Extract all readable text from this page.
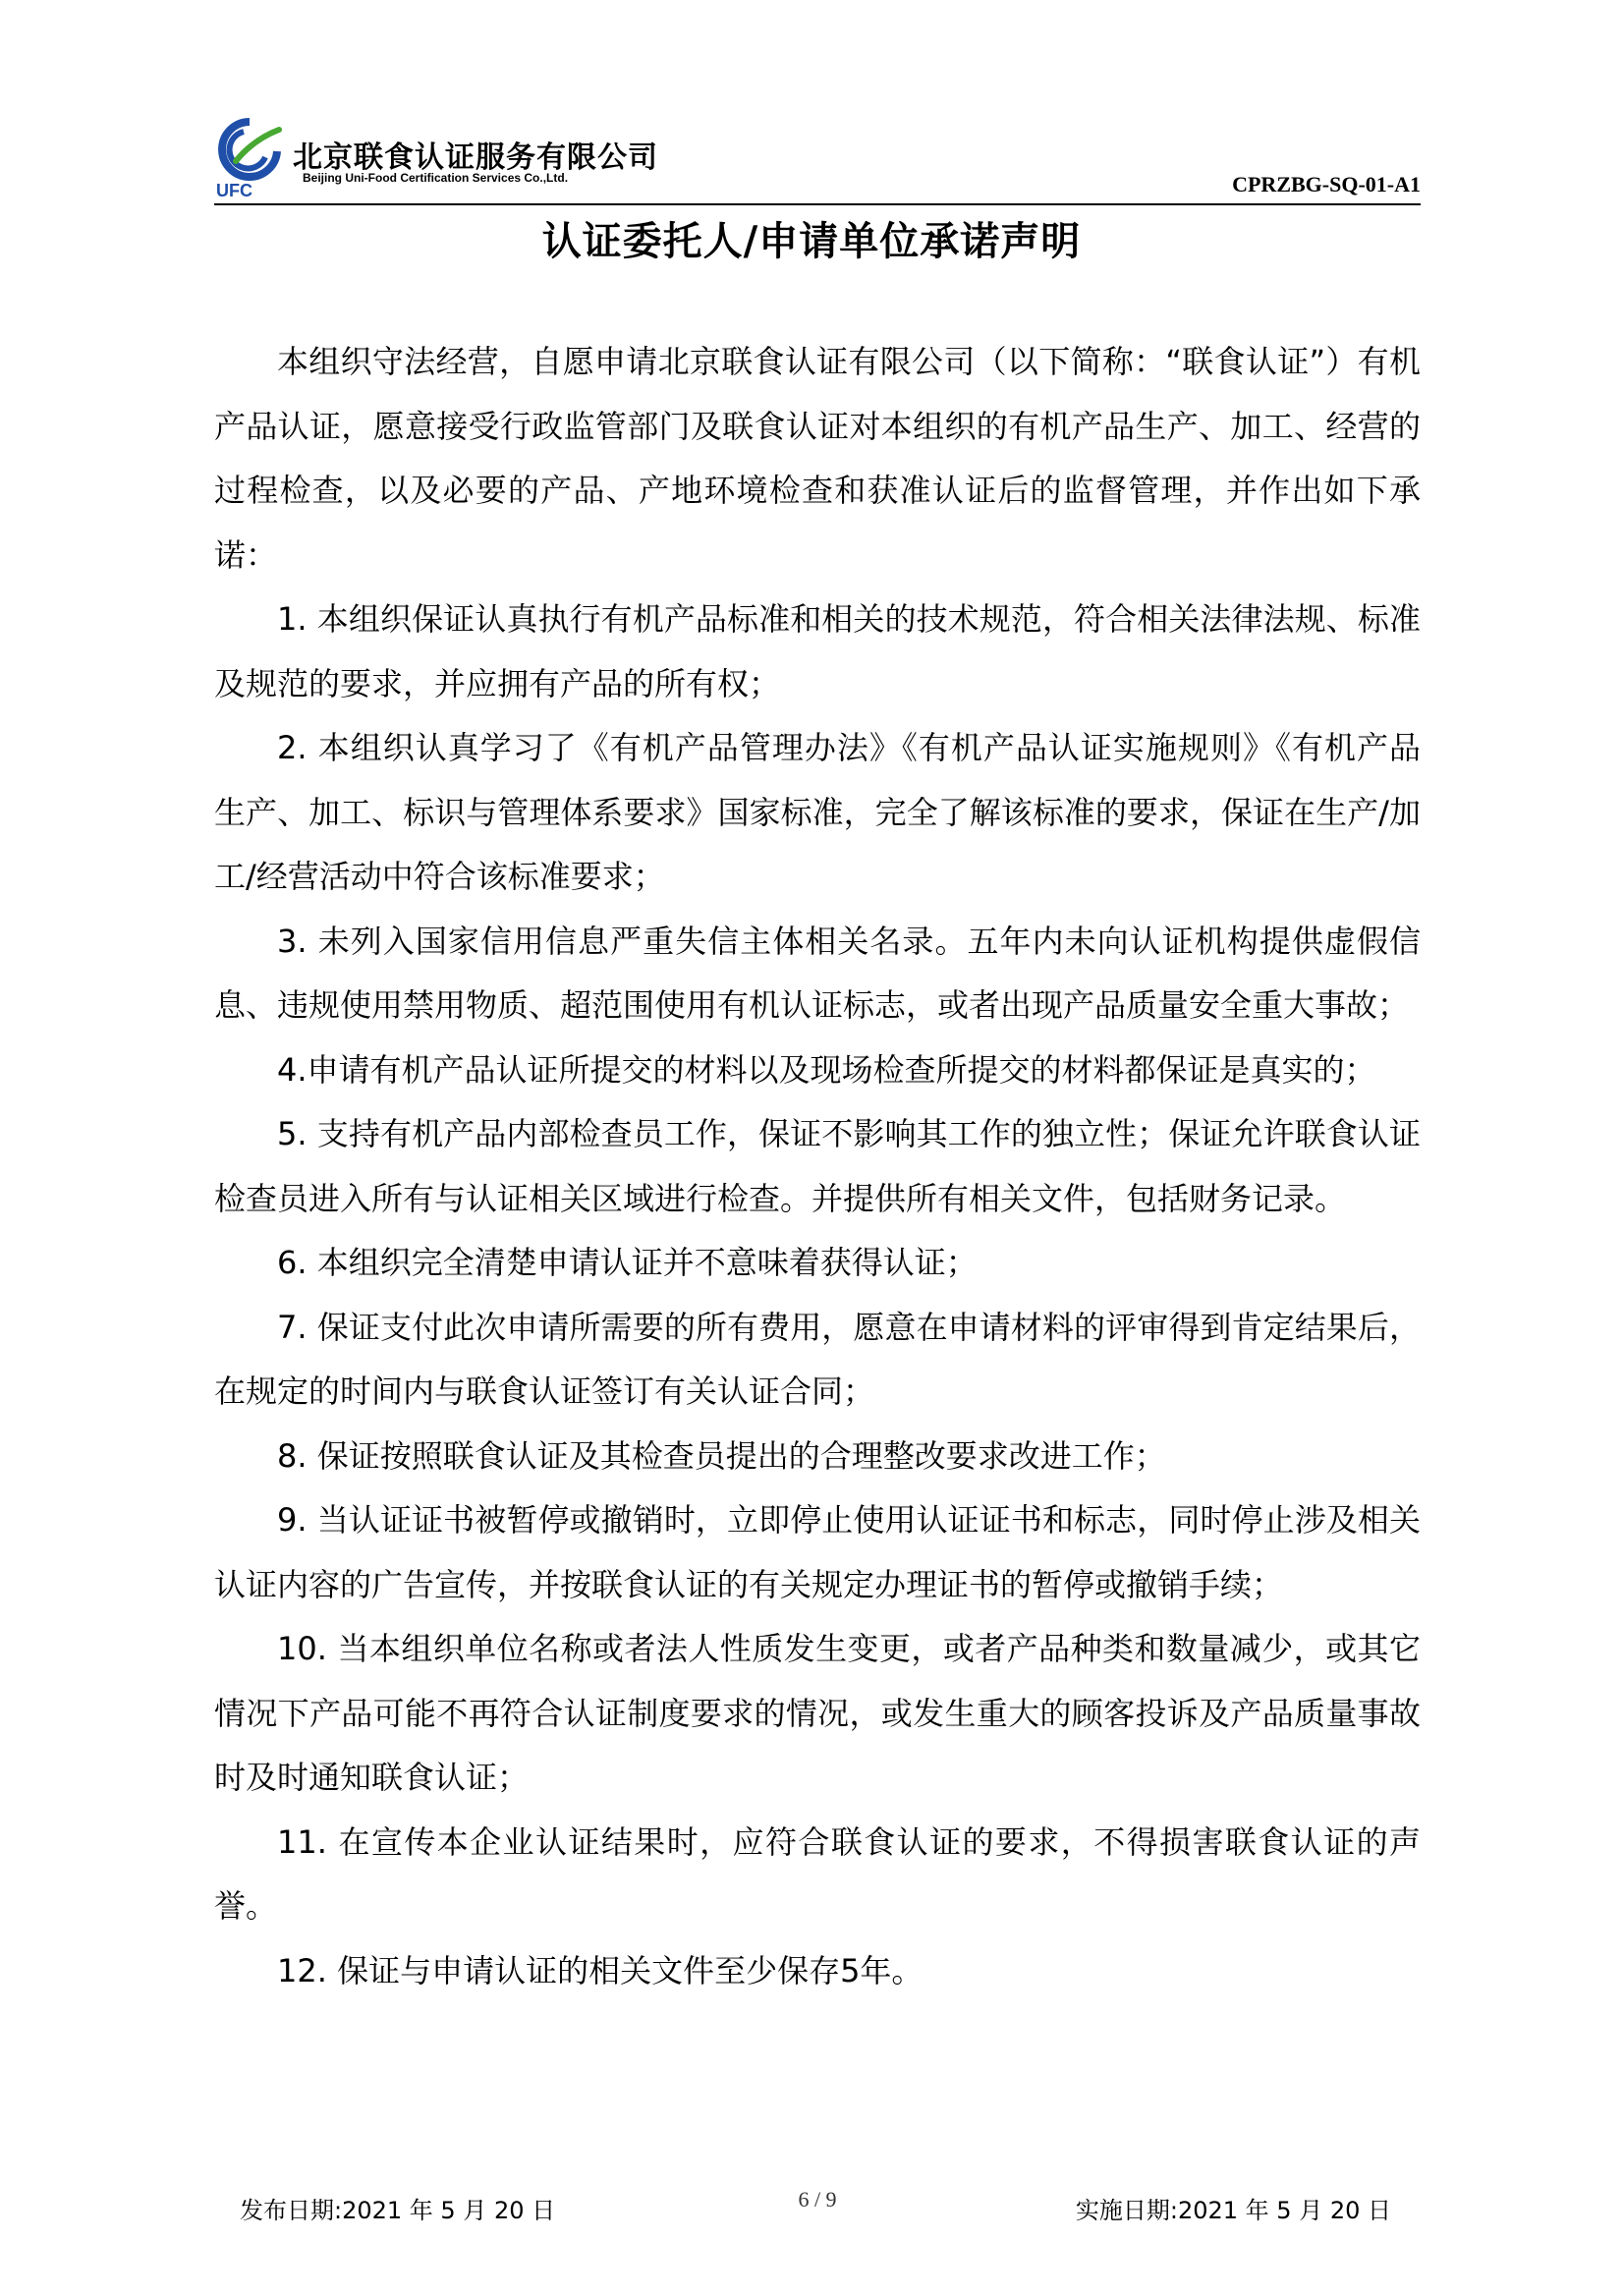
UFC
北京联食认证服务有限公司
Beijing Uni-Food Certification Services Co.,Ltd.	CPRZBG-SQ-01-A1
认证委托人/申请单位承诺声明

本组织守法经营，自愿申请北京联食认证有限公司（以下简称：“联食认证”）有机产品认证，愿意接受行政监管部门及联食认证对本组织的有机产品生产、加工、经营的过程检查，以及必要的产品、产地环境检查和获准认证后的监督管理，并作出如下承诺：

1. 本组织保证认真执行有机产品标准和相关的技术规范，符合相关法律法规、标准及规范的要求，并应拥有产品的所有权；

2. 本组织认真学习了《有机产品管理办法》《有机产品认证实施规则》《有机产品 生产、加工、标识与管理体系要求》国家标准，完全了解该标准的要求，保证在生产/加工/经营活动中符合该标准要求；

3. 未列入国家信用信息严重失信主体相关名录。五年内未向认证机构提供虚假信息、违规使用禁用物质、超范围使用有机认证标志，或者出现产品质量安全重大事故；

4.申请有机产品认证所提交的材料以及现场检查所提交的材料都保证是真实的；

5. 支持有机产品内部检查员工作，保证不影响其工作的独立性；保证允许联食认证检查员进入所有与认证相关区域进行检查。并提供所有相关文件，包括财务记录。

6. 本组织完全清楚申请认证并不意味着获得认证；

7. 保证支付此次申请所需要的所有费用，愿意在申请材料的评审得到肯定结果后，在规定的时间内与联食认证签订有关认证合同；

8. 保证按照联食认证及其检查员提出的合理整改要求改进工作；

9. 当认证证书被暂停或撤销时，立即停止使用认证证书和标志，同时停止涉及相关认证内容的广告宣传，并按联食认证的有关规定办理证书的暂停或撤销手续；

10. 当本组织单位名称或者法人性质发生变更，或者产品种类和数量减少，或其它情况下产品可能不再符合认证制度要求的情况，或发生重大的顾客投诉及产品质量事故时及时通知联食认证；

11. 在宣传本企业认证结果时，应符合联食认证的要求，不得损害联食认证的声誉。

12. 保证与申请认证的相关文件至少保存5年。

发布日期:2021 年 5 月 20 日	6 / 9	实施日期:2021 年 5 月 20 日
